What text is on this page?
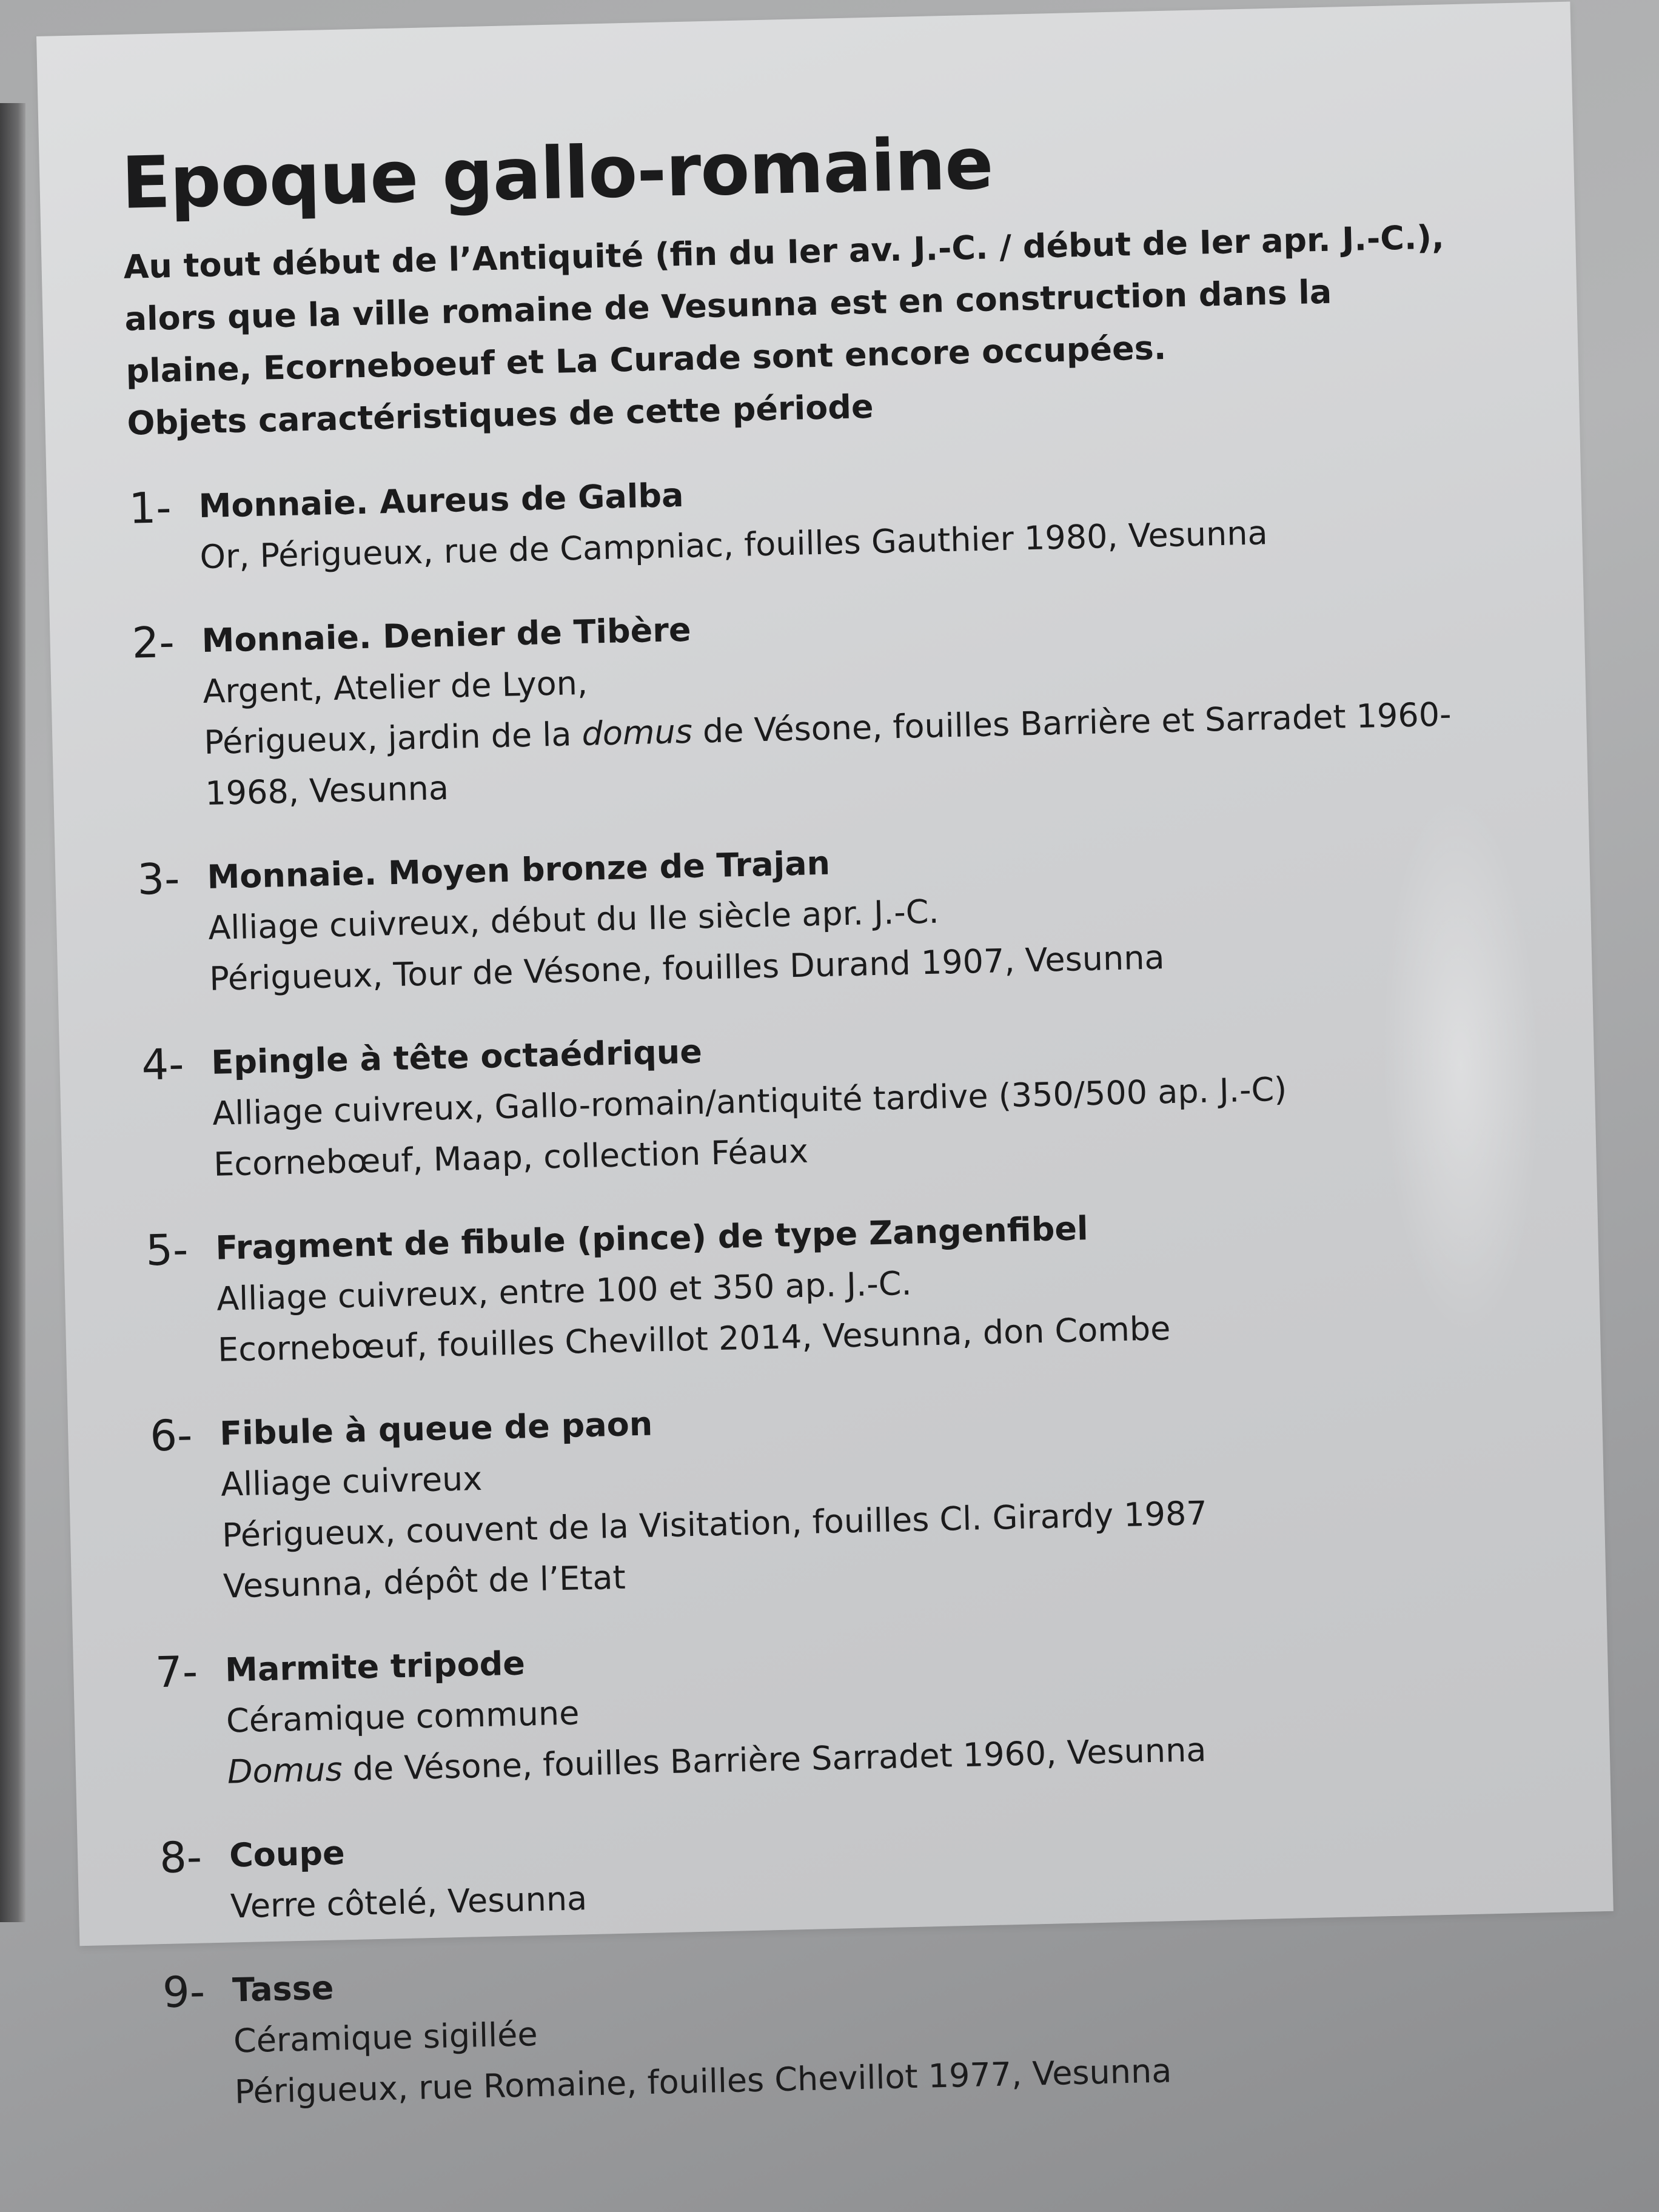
Epoque gallo-romaine

Au tout début de l’Antiquité (fin du Ier av. J.-C. / début de Ier apr. J.-C.), alors que la ville romaine de Vesunna est en construction dans la plaine, Ecorneboeuf et La Curade sont encore occupées.

Objets caractéristiques de cette période

1- Monnaie. Aureus de Galba
Or, Périgueux, rue de Campniac, fouilles Gauthier 1980, Vesunna
2- Monnaie. Denier de Tibère
Argent, Atelier de Lyon,
Périgueux, jardin de la domus de Vésone, fouilles Barrière et Sarradet 1960-1968, Vesunna
3- Monnaie. Moyen bronze de Trajan
Alliage cuivreux, début du IIe siècle apr. J.-C.
Périgueux, Tour de Vésone, fouilles Durand 1907, Vesunna
4- Epingle à tête octaédrique
Alliage cuivreux, Gallo-romain/antiquité tardive (350/500 ap. J.-C)
Ecornebœuf, Maap, collection Féaux
5- Fragment de fibule (pince) de type Zangenfibel
Alliage cuivreux, entre 100 et 350 ap. J.-C.
Ecornebœuf, fouilles Chevillot 2014, Vesunna, don Combe
6- Fibule à queue de paon
Alliage cuivreux
Périgueux, couvent de la Visitation, fouilles Cl. Girardy 1987
Vesunna, dépôt de l’Etat
7- Marmite tripode
Céramique commune
Domus de Vésone, fouilles Barrière Sarradet 1960, Vesunna
8- Coupe
Verre côtelé, Vesunna
9- Tasse
Céramique sigillée
Périgueux, rue Romaine, fouilles Chevillot 1977, Vesunna
